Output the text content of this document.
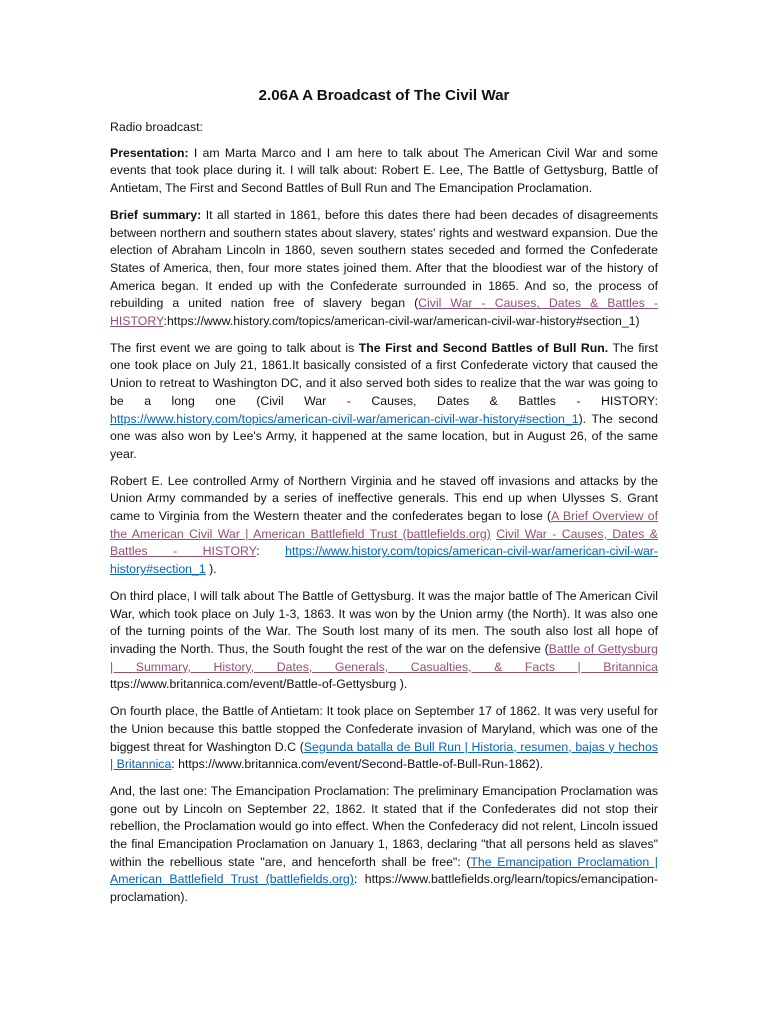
2.06A A Broadcast of The Civil War

Radio broadcast:

Presentation: I am Marta Marco and I am here to talk about The American Civil War and some events that took place during it. I will talk about: Robert E. Lee, The Battle of Gettysburg, Battle of Antietam, The First and Second Battles of Bull Run and The Emancipation Proclamation.

Brief summary: It all started in 1861, before this dates there had been decades of disagreements between northern and southern states about slavery, states' rights and westward expansion. Due the election of Abraham Lincoln in 1860, seven southern states seceded and formed the Confederate States of America, then, four more states joined them. After that the bloodiest war of the history of America began. It ended up with the Confederate surrounded in 1865. And so, the process of rebuilding a united nation free of slavery began (Civil War - Causes, Dates & Battles - HISTORY:https://www.history.com/topics/american-civil-war/american-civil-war-history#section_1)

The first event we are going to talk about is The First and Second Battles of Bull Run. The first one took place on July 21, 1861.It basically consisted of a first Confederate victory that caused the Union to retreat to Washington DC, and it also served both sides to realize that the war was going to be a long one (Civil War - Causes, Dates & Battles - HISTORY: https://www.history.com/topics/american-civil-war/american-civil-war-history#section_1). The second one was also won by Lee's Army, it happened at the same location, but in August 26, of the same year.

Robert E. Lee controlled Army of Northern Virginia and he staved off invasions and attacks by the Union Army commanded by a series of ineffective generals. This end up when Ulysses S. Grant came to Virginia from the Western theater and the confederates began to lose (A Brief Overview of the American Civil War | American Battlefield Trust (battlefields.org) Civil War - Causes, Dates & Battles - HISTORY: https://www.history.com/topics/american-civil-war/american-civil-war-history#section_1 ).

On third place, I will talk about The Battle of Gettysburg. It was the major battle of The American Civil War, which took place on July 1-3, 1863. It was won by the Union army (the North). It was also one of the turning points of the War. The South lost many of its men. The south also lost all hope of invading the North. Thus, the South fought the rest of the war on the defensive (Battle of Gettysburg | Summary, History, Dates, Generals, Casualties, & Facts | Britannica ttps://www.britannica.com/event/Battle-of-Gettysburg ).

On fourth place, the Battle of Antietam: It took place on September 17 of 1862. It was very useful for the Union because this battle stopped the Confederate invasion of Maryland, which was one of the biggest threat for Washington D.C (Segunda batalla de Bull Run | Historia, resumen, bajas y hechos | Britannica: https://www.britannica.com/event/Second-Battle-of-Bull-Run-1862).

And, the last one: The Emancipation Proclamation: The preliminary Emancipation Proclamation was gone out by Lincoln on September 22, 1862. It stated that if the Confederates did not stop their rebellion, the Proclamation would go into effect. When the Confederacy did not relent, Lincoln issued the final Emancipation Proclamation on January 1, 1863, declaring "that all persons held as slaves" within the rebellious state "are, and henceforth shall be free": (The Emancipation Proclamation | American Battlefield Trust (battlefields.org): https://www.battlefields.org/learn/topics/emancipation-proclamation).
